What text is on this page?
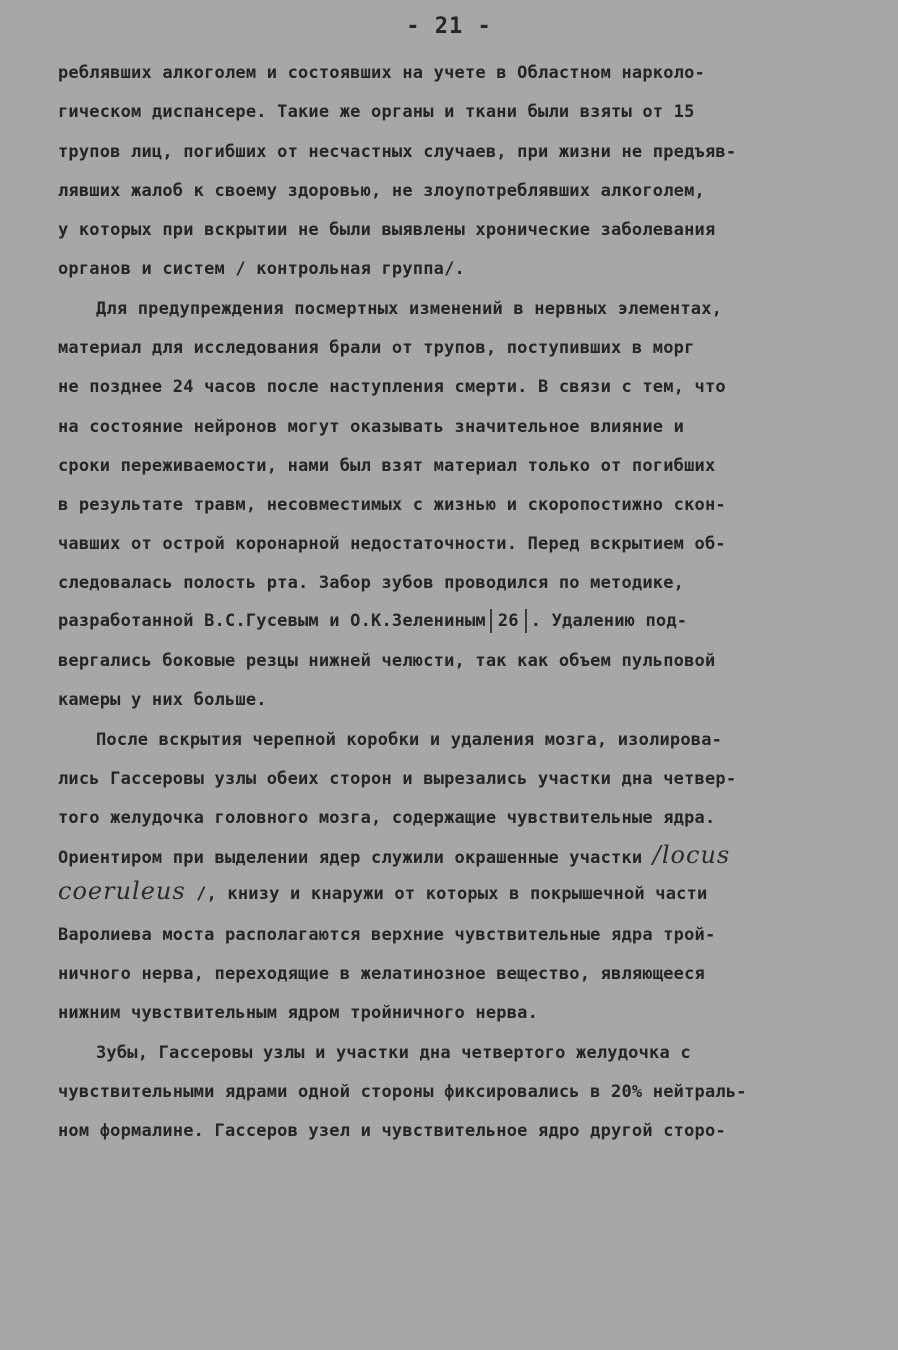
- 21 -
реблявших алкоголем и состоявших на учете в Областном нарколо-
гическом диспансере. Такие же органы и ткани были взяты от 15
трупов лиц, погибших от несчастных случаев, при жизни не предъяв-
лявших жалоб к своему здоровью, не злоупотреблявших алкоголем,
у которых при вскрытии не были выявлены хронические заболевания
органов и систем / контрольная группа/.
Для предупреждения посмертных изменений в нервных элементах,
материал для исследования брали от трупов, поступивших в морг
не позднее 24 часов после наступления смерти. В связи с тем, что
на состояние нейронов могут оказывать значительное влияние и
сроки переживаемости, нами был взят материал только от погибших
в результате травм, несовместимых с жизнью и скоропостижно скон-
чавших от острой коронарной недостаточности. Перед вскрытием об-
следовалась полость рта. Забор зубов проводился по методике,
разработанной В.С.Гусевым и О.К.Зелениным 26 . Удалению под-
вергались боковые резцы нижней челюсти, так как объем пульповой
камеры у них больше.
После вскрытия черепной коробки и удаления мозга, изолирова-
лись Гассеровы узлы обеих сторон и вырезались участки дна четвер-
того желудочка головного мозга, содержащие чувствительные ядра.
Ориентиром при выделении ядер служили окрашенные участки /locus
coeruleus /, книзу и кнаружи от которых в покрышечной части
Варолиева моста располагаются верхние чувствительные ядра трой-
ничного нерва, переходящие в желатинозное вещество, являющееся
нижним чувствительным ядром тройничного нерва.
Зубы, Гассеровы узлы и участки дна четвертого желудочка с
чувствительными ядрами одной стороны фиксировались в 20% нейтраль-
ном формалине. Гассеров узел и чувствительное ядро другой сторо-
